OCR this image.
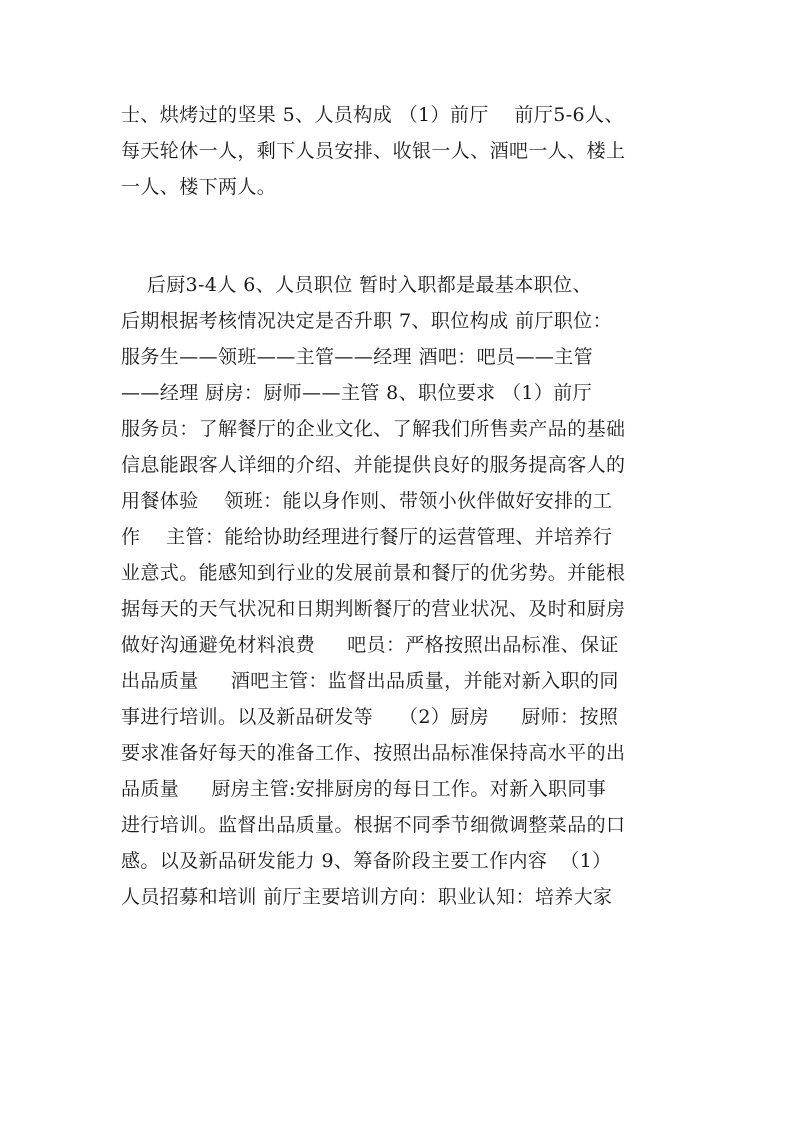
士、烘烤过的坚果 5、人员构成 （1）前厅    前厅5-6人、
每天轮休一人，剩下人员安排、收银一人、酒吧一人、楼上
一人、楼下两人。
后厨3-4人 6、人员职位 暂时入职都是最基本职位、
后期根据考核情况决定是否升职 7、职位构成 前厅职位：
服务生——领班——主管——经理 酒吧：吧员——主管
——经理 厨房：厨师——主管 8、职位要求 （1）前厅
服务员：了解餐厅的企业文化、了解我们所售卖产品的基础
信息能跟客人详细的介绍、并能提供良好的服务提高客人的
用餐体验    领班：能以身作则、带领小伙伴做好安排的工
作    主管：能给协助经理进行餐厅的运营管理、并培养行
业意式。能感知到行业的发展前景和餐厅的优劣势。并能根
据每天的天气状况和日期判断餐厅的营业状况、及时和厨房
做好沟通避免材料浪费     吧员：严格按照出品标准、保证
出品质量     酒吧主管：监督出品质量，并能对新入职的同
事进行培训。以及新品研发等    （2）厨房     厨师：按照
要求准备好每天的准备工作、按照出品标准保持高水平的出
品质量     厨房主管:安排厨房的每日工作。对新入职同事
进行培训。监督出品质量。根据不同季节细微调整菜品的口
感。以及新品研发能力 9、筹备阶段主要工作内容  （1）
人员招募和培训 前厅主要培训方向：职业认知：培养大家
